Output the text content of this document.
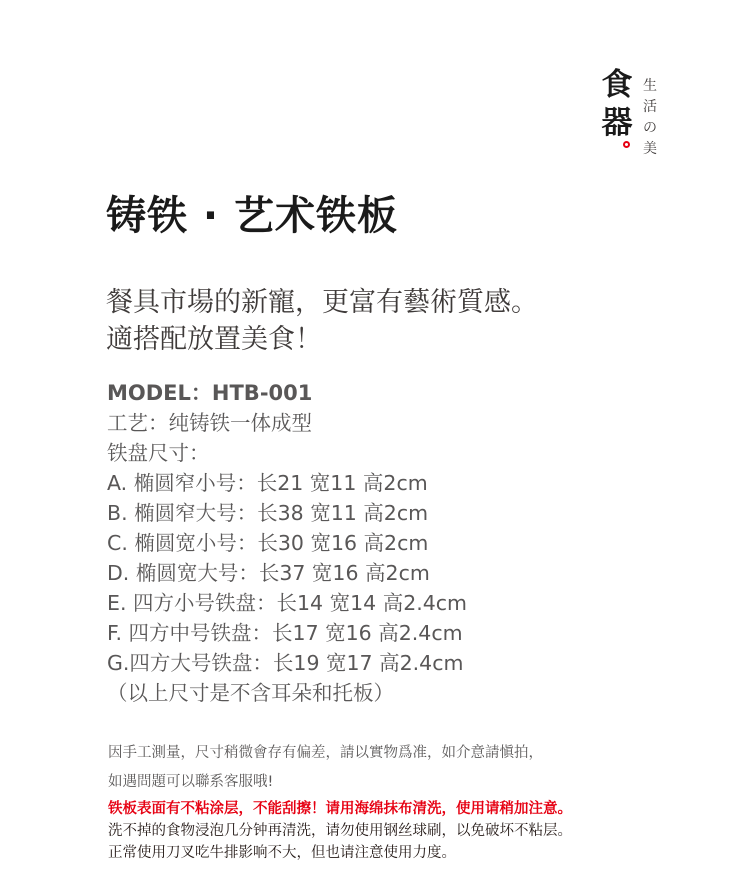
食
器
生
活
の
美
铸铁 · 艺术铁板
餐具市場的新寵，更富有藝術質感。
適搭配放置美食！
MODEL：HTB-001
工艺：纯铸铁一体成型
铁盘尺寸：
A. 椭圆窄小号：长21 宽11 高2cm
B. 椭圆窄大号：长38 宽11 高2cm
C. 椭圆宽小号：长30 宽16 高2cm
D. 椭圆宽大号：长37 宽16 高2cm
E. 四方小号铁盘：长14 宽14 高2.4cm
F. 四方中号铁盘：长17 宽16 高2.4cm
G.四方大号铁盘：长19 宽17 高2.4cm
（以上尺寸是不含耳朵和托板）
因手工測量，尺寸稍微會存有偏差，請以實物爲准，如介意請愼拍，
如遇問題可以聯系客服哦!
铁板表面有不粘涂层，不能刮擦！请用海绵抹布清洗，使用请稍加注意。
洗不掉的食物浸泡几分钟再清洗，请勿使用钢丝球刷，以免破坏不粘层。
正常使用刀叉吃牛排影响不大，但也请注意使用力度。
